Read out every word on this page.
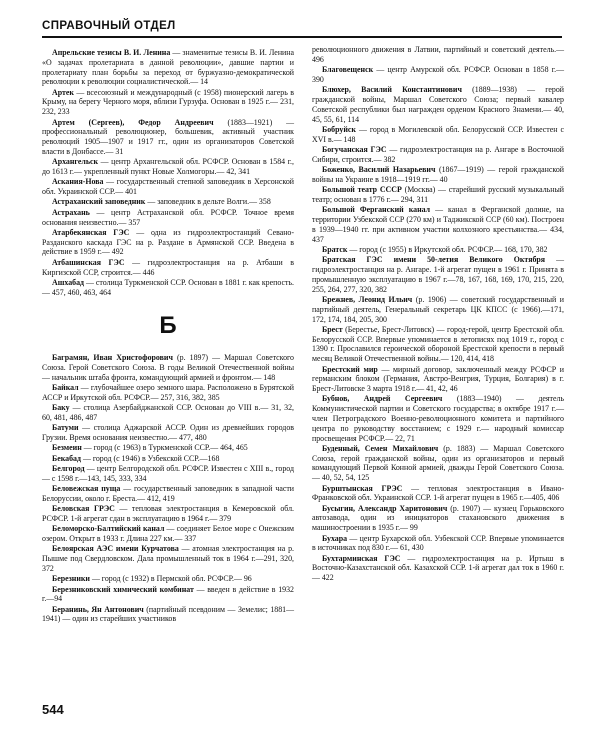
СПРАВОЧНЫЙ ОТДЕЛ

Апрельские тезисы В. И. Ленина — знаменитые тезисы В. И. Ленина «О задачах пролетариата в данной революции», давшие партии и пролетариату план борьбы за переход от буржуазно-демократической революции к революции социалистической.— 14

Артек — всесоюзный и международный (с 1958) пионерский лагерь в Крыму, на берегу Черного моря, вблизи Гурзуфа. Основан в 1925 г.— 231, 232, 233

Артем (Сергеев), Федор Андреевич (1883—1921) — профессиональный революционер, большевик, активный участник революций 1905—1907 и 1917 гг., один из организаторов Советской власти в Донбассе.— 31

Архангельск — центр Архангельской обл. РСФСР. Основан в 1584 г., до 1613 г.— укрепленный пункт Новые Холмогоры.— 42, 341

Аскания-Нова — государственный степной заповедник в Херсонской обл. Украинской ССР.— 401

Астраханский заповедник — заповедник в дельте Волги.— 358

Астрахань — центр Астраханской обл. РСФСР. Точное время основания неизвестно.— 357

Атарбекянская ГЭС — одна из гидроэлектростанций Севано-Разданского каскада ГЭС на р. Раздане в Армянской ССР. Введена в действие в 1959 г.— 492

Атбашинская ГЭС — гидроэлектростанция на р. Атбаши в Киргизской ССР, строится.— 446

Ашхабад — столица Туркменской ССР. Основан в 1881 г. как крепость.— 457, 460, 463, 464

Б

Баграмян, Иван Христофорович (р. 1897) — Маршал Советского Союза. Герой Советского Союза. В годы Великой Отечественной войны — начальник штаба фронта, командующий армией и фронтом.— 148

Байкал — глубочайшее озеро земного шара. Расположено в Бурятской АССР и Иркутской обл. РСФСР.— 257, 316, 382, 385

Баку — столица Азербайджанской ССР. Основан до VIII в.— 31, 32, 60, 481, 486, 487

Батуми — столица Аджарской АССР. Один из древнейших городов Грузии. Время основания неизвестно.— 477, 480

Безмеин — город (с 1963) в Туркменской ССР.— 464, 465

Бекабад — город (с 1946) в Узбекской ССР.—168

Белгород — центр Белгородской обл. РСФСР. Известен с XIII в., город — с 1598 г.—143, 145, 333, 334

Беловежская пуща — государственный заповедник в западной части Белоруссии, около г. Бреста.— 412, 419

Беловская ГРЭС — тепловая электростанция в Кемеровской обл. РСФСР. 1-й агрегат сдан в эксплуатацию в 1964 г.— 379

Беломорско-Балтийский канал — соединяет Белое море с Онежским озером. Открыт в 1933 г. Длина 227 км.— 337

Белоярская АЭС имени Курчатова — атомная электростанция на р. Пышме под Свердловском. Дала промышленный ток в 1964 г.—291, 320, 372

Березники — город (с 1932) в Пермской обл. РСФСР.— 96

Березниковский химический комбинат — введен в действие в 1932 г.—94

Беранинь, Ян Антонович (партийный псевдоним — Земелис; 1881—1941) — один из старейших участников

революционного движения в Латвии, партийный и советский деятель.— 496

Благовещенск — центр Амурской обл. РСФСР. Основан в 1858 г.—390

Блюхер, Василий Константинович (1889—1938) — герой гражданской войны, Маршал Советского Союза; первый кавалер Советской республики был награжден орденом Красного Знамени.— 40, 45, 55, 61, 114

Бобруйск — город в Могилевской обл. Белорусской ССР. Известен с XVI в.— 148

Богучанская ГЭС — гидроэлектростанция на р. Ангаре в Восточной Сибири, строится.— 382

Боженко, Василий Назарьевич (1867—1919) — герой гражданской войны на Украине в 1918—1919 гг.— 40

Большой театр СССР (Москва) — старейший русский музыкальный театр; основан в 1776 г.— 294, 311

Большой Ферганский канал — канал в Ферганской долине, на территории Узбекской ССР (270 км) и Таджикской ССР (60 км). Построен в 1939—1940 гг. при активном участии колхозного крестьянства.— 434, 437

Братск — город (с 1955) в Иркутской обл. РСФСР.— 168, 170, 382

Братская ГЭС имени 50-летия Великого Октября — гидроэлектростанция на р. Ангаре. 1-й агрегат пущен в 1961 г. Принята в промышленную эксплуатацию в 1967 г.—78, 167, 168, 169, 170, 215, 220, 255, 264, 277, 320, 382

Брежнев, Леонид Ильич (р. 1906) — советский государственный и партийный деятель, Генеральный секретарь ЦК КПСС (с 1966).—171, 172, 174, 184, 205, 300

Брест (Берестье, Брест-Литовск) — город-герой, центр Брестской обл. Белорусской ССР. Впервые упоминается в летописях под 1019 г., город с 1390 г. Прославился героической обороной Брестской крепости в первый месяц Великой Отечественной войны.— 120, 414, 418

Брестский мир — мирный договор, заключенный между РСФСР и германским блоком (Германия, Австро-Венгрия, Турция, Болгария) в г. Брест-Литовске 3 марта 1918 г.— 41, 42, 46

Бубнов, Андрей Сергеевич (1883—1940) — деятель Коммунистической партии и Советского государства; в октябре 1917 г.— член Петроградского Военно-революционного комитета и партийного центра по руководству восстанием; с 1929 г.— народный комиссар просвещения РСФСР.— 22, 71

Буденный, Семен Михайлович (р. 1883) — Маршал Советского Союза, герой гражданской войны, один из организаторов и первый командующий Первой Конной армией, дважды Герой Советского Союза.— 40, 52, 54, 125

Бурштынская ГРЭС — тепловая электростанция в Ивано-Франковской обл. Украинской ССР. 1-й агрегат пущен в 1965 г.—405, 406

Бусыгин, Александр Харитонович (р. 1907) — кузнец Горьковского автозавода, один из инициаторов стахановского движения в машиностроении в 1935 г.— 99

Бухара — центр Бухарской обл. Узбекской ССР. Впервые упоминается в источниках под 830 г.— 61, 430

Бухтарминская ГЭС — гидроэлектростанция на р. Иртыш в Восточно-Казахстанской обл. Казахской ССР. 1-й агрегат дал ток в 1960 г.— 422

544
